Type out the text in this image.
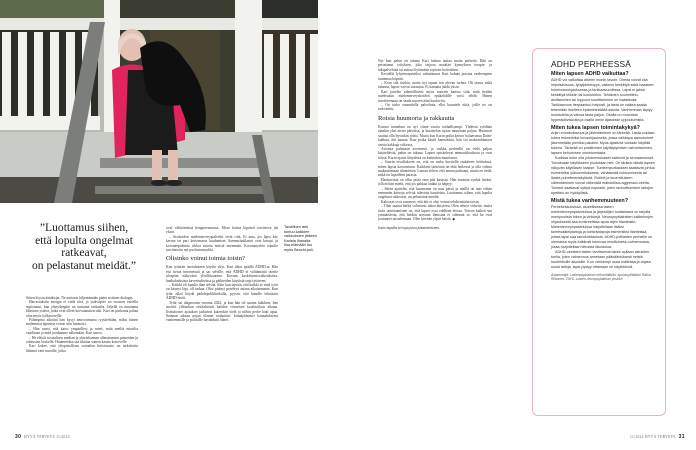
”Luottamus siihen,
että lopulta ongelmat
ratkeavat,
on pelastanut meidät.”

Sitten löysin äänikirjat. Ne auttavat hiljentämään pääni sisäisen dialogin.

Harrastuksiin energia ei vielä riitä, ja ystäväpiiri on vuosien varrella supistunut, kun yhteydenpito on tuntunut raskaalta. Jäljellä on muutama läheinen ystävä, jotka ovat olleet korvaamaton tuki. Kari on purkanut pahaa oloa myös työkavereille.

Pahimpina aikoina hän kysyi neuvotomana ryytäreltään, miksi hänen molemmat lapsensa voivat niin huonosti.

– Hän sanoi, että katso ympärillesi ja mieti, mitä meiltä nuorilta vaaditaan ja mitä joudumme näkemään, Kari sanoo.

– He elävät sosiaalisen median ja yhteiskunnan aiheuttamien paineiden ja odotusten keskellä. Huumeetkin saa tilattua somen kautta kotiovelle.

Kari kokee, että yliopistollisen sairaalan kriisiosasto on tarkoitettu lähinnä vain nuorille, jotka

ovat välittömässä hengenvaarassa. Moni hoitoa kipeästi tarvitseva jää yksin.

– Avohoidon mielenterveyspalvelut eivät riitä. Ei auta, jos lapsi käy kerran tai pari kertomassa kuulumiset. Itsemurhatilastot ovat karuja, ja koronaepidemia rikkoi nuoria entistä enemmän. Koronanyrkin iskuille tarvittaisiin nyt puolustusnyrkki.

Olisinko voinut toimia toisin?

Kun tyttären itsetuhoinen käytös yltyi, Kari alkoi epäillä ADHD:ta. Hän etsi tietoa internetistä ja sai selville, että ADHD ei välttämättä oireile ulospäin näkyvänä ylivilkkautena. Kuvaus keskittymisvaikeuksista, hankaluuksista kaverisuhteissa ja päihteiden käytöstä sopi tyttäreen.

– Kaikki oli lopulta ihan selvää. Itkin kun tajusin, että kaikki se mitä tytär on käynyt läpi, oli turhaa. Olisi pitänyt perehtyä asiaan aikaisemmin. Kun tytär alkoi käydä päihdepoliklinikalla, pyysin, että hänelle tehtäisiin ADHD-testit.

Tytär sai diagnoosin vuonna 2022, ja kun hän oli saanut lääkkeet, hän suoritti yläluokan rästitehtävät kahden viimeisen kouluviikon aikana. Itsetuhoiset ajatukset jatkuivat kuitenkin vielä ja niihin perhe haki apua. Samaan aikaan pojan tilanne rauhoittui: kiinnijäämiset kannabiksesta vanhemmille ja poliisille havahdutti hänet.

Tavallinen arki tuntuu kaikkien vaikeuksien jälkeen Karista ihanalta. Iloa elämään tuo myös Benchi-puli.
30 HYVÄ TERVEYS 11/2024

Nyt kun pahin on takana Kari haluaa auttaa muita perheitä. Hän on perustanut yrityksen, joka tarjoaa matalan kynnyksen terapia- ja tukipalveluita tai auttaa löytämään sopivan hoitotahon.

Keväällä lyhytterapeutiksi valmistunut Kari haluaa poistaa vanhempien tuntemaa häpeää.

– Koin sitä itsekin, mutta nyt tajuan sen olevan turhaa. Oli tausta mikä tahansa, lapset voivat sairastua. Ei kannata jäädä yksin.

Kari juttelee säännöllisesti myös nuorten kanssa siitä, mitä heidän mielestään mielenterveyshoidon epäkohdille voisi tehdä. Hänen tavoitteenaan on saada nuoren ääni kuuluviin.

– On turha suunnitella palveluita, ellei kuuntele niitä, joille ne on tarkoitettu.

Roisia huumoria ja rakkautta

Kotona tunnelma on nyt viime vuotta rauhallisempi. Yhdessä syödään ainakin yksi ateria päivässä, ja kinastelun sijaan nauretaan paljon. Huumori saattaa olla hyvinkin roisia. Mutta kun Karin poika kertoo haluavansa Daim-kakkua, äiti nauraa. Kun poika käytti kannabista, hän söi makeanhimoon useita kakkuja viikossa.

Asioista puhutaan avoimesti, ja vaikka perheellä on vielä paljon käsiteltävää, pahin on takana. Lapset opiskelevat ammattikoulussa ja ovat töissä. Karin ajatus äitiydestä on kuitenkin muuttunut.

– Suurin oivallukseni on, että on turha kuvitella etukäteen tietävänsä, miten lapsia kasvatetaan. Kaikkein tärkeintä on elää hetkessä ja olla valmis mukautumaan tilanteisiin. Luotan siihen, että annan parhaani, mutta en tiedä, mikä on lapselleni parasta.

Haastavinta on ollut pitää oma pää kasassa. Hän muistaa synkät hetket, jolloin hän mietti, että jos pakkaa laukut ja häipyy.

– Sitten ajattelin, että huomenna on uusi päivä ja meillä on taas vähän enemmän keinoja selvitä tulevista haasteista. Luottamus siihen, että lopulta ongelmat ratkeavat, on pelastanut meidät.

Kaksoset ovat sanoneet, että äiti ei olisi voinut tehdä mitään toisin.

– Olen saanut heiltä valtavasti tukea äitiyteen. Olen tehnyt virheitä, mutta isoin onnistumiseni on, että lapset ovat edelleen elossa. Toivon kaiken sen ymmärtävän, että heidän arvoaan ihmisinä ei vähennä se, että he ovat joutuneet taistelemaan. Olen hirveän ylpeä heistä. ◆

Karin lapsilta on lupa jutun julkaisemiseen.

ADHD PERHEESSÄ
Miten lapsen ADHD vaikuttaa?

ADHD voi vaikuttaa arkeen monin tavoin. Oireita voivat olla impulsiivisuus, lyhytjänteisyys, vaikeus keskittyä sekä haasteet toiminnanohjauksessa ja tarkkaavuudessa. Lapsi ei jaksa keskittyä leikkiin tai koulutöihin. Tehtävien suunnittelu, aloittaminen tai loppuun suorittaminen on haastavaa. Tarkkaavuus herpaantuu helposti, ja lasta on vaikea saada tekemään itselleen epämielekkäitä asioita. Vanhemman täytyy muistutella ja valvoa lasta paljon. Osalla on motorista hyperaktiivisuutta ja osalla omiin ajatuksiin uppoutumista.

Miten tukea lapsen toimintakykyä?

Arjen ennakoitavuus ja jäsentäminen on tärkeää. Lasta voidaan tukea esimerkiksi kuvaohjauksella, jossa vaikkapa aamutoimet jäsennetään pieniksi paloiksi. Myös ajastinta voidaan käyttää tukena. Tärkeää on positiivinen käyttäytymisen vahvistaminen, lapsen kehuminen onnistumisista.

Kodissa tulee olla johdonmukaiset säännöt ja seuraamukset. Tuhoavaan käytökseen puututaan heti. On tärkeä nähdä lapsen näkyvän käytöksen taakse. Tunteenpurkaukset saattavat johtua esimerkiksi ylikuormituksesta, vähäisestä nukkumisesta tai liiasta puhelimenkäytöstä. Rutiinit ja kuormituksen vähentäminen voivat vähentää mahdollisia aggressio-oireita. Tunteet saattavat syttyä nopeasti, joten rauhoittumisen taitojen opettelu on hyödyllistä.

Mistä tukea vanhemmuuteen?

Perhekeskuksissa, alueellisissa lasten mielenterveyspalveluissa ja järjestöjen tuottamana on tarjolla monipuolista tukea ja vinkkejä. Neuropsykiatristen tukikeinojen ohjauksesta saa konkreettista apua arjen tilanteisiin. Mielenterveyspalveluissa harjoitellaan lisäksi tunnesäätelytaitoja ja toimintatapoja esimerkiksi tilanteissa, joissa lapsi saa raivokohtauksia. ADHD-potilaiden perheille on olemassa myös tutkitusti toimivaa mindfulness-valmennusta, jossa harjoitellaan tietoista läsnäoloa.

ADHD-oireisten lasten tarvitsemat taidot opitaan aikuisten tuella, joten valmennus annetaan pääsääntöisesti heistä huolehtiville aikuisille. Kun vanhempi osaa mallintaa ja ohjata uusia taitoja, lapsi pystyy ottamaan ne käyttöönsä.

Asiantuntija: Lastenpsykiatrian erikoislääkäri, apulaisylilääkäri Riikka Riihonen, TAYS, Lasten neuropsykiatrian yksikkö

11/2024 HYVÄ TERVEYS 31
